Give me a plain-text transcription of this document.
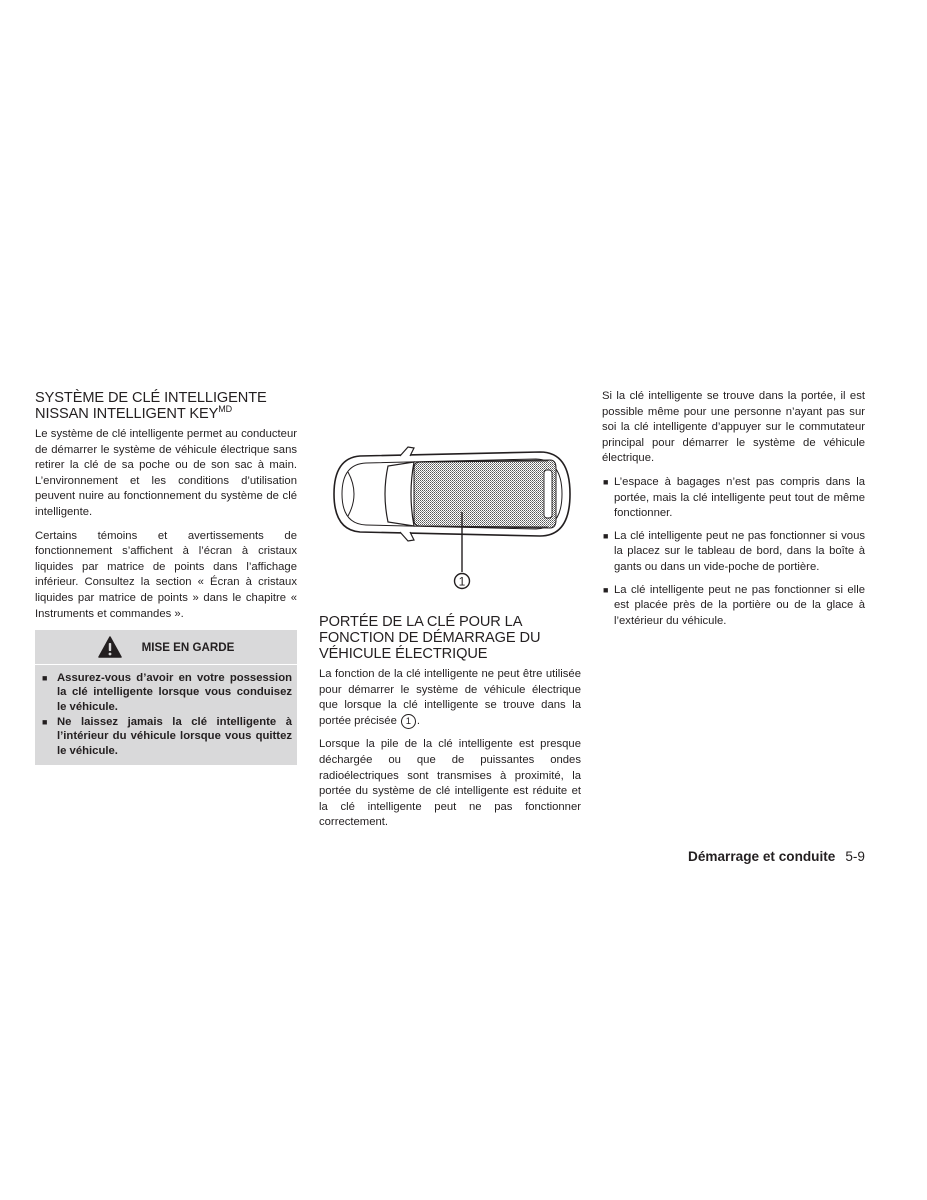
SYSTÈME DE CLÉ INTELLIGENTE
NISSAN INTELLIGENT $KEY^{MD}$

Le système de clé intelligente permet au conducteur de démarrer le système de véhicule électrique sans retirer la clé de sa poche ou de son sac à main. L’environnement et les conditions d’utilisation peuvent nuire au fonctionnement du système de clé intelligente.

Certains témoins et avertissements de fonctionnement s’affichent à l’écran à cristaux liquides par matrice de points dans l’affichage inférieur. Consultez la section « Écran à cristaux liquides par matrice de points » dans le chapitre « Instruments et commandes ».

MISE EN GARDE
■ Assurez-vous d’avoir en votre possession la clé intelligente lorsque vous conduisez le véhicule.
■ Ne laissez jamais la clé intelligente à l’intérieur du véhicule lorsque vous quittez le véhicule.
1
PORTÉE DE LA CLÉ POUR LA
FONCTION DE DÉMARRAGE DU
VÉHICULE ÉLECTRIQUE

La fonction de la clé intelligente ne peut être utilisée pour démarrer le système de véhicule électrique que lorsque la clé intelligente se trouve dans la portée précisée 1 .

Lorsque la pile de la clé intelligente est presque déchargée ou que de puissantes ondes radioélectriques sont transmises à proximité, la portée du système de clé intelligente est réduite et la clé intelligente peut ne pas fonctionner correctement.

Si la clé intelligente se trouve dans la portée, il est possible même pour une personne n’ayant pas sur soi la clé intelligente d’appuyer sur le commutateur principal pour démarrer le système de véhicule électrique.

■ L’espace à bagages n’est pas compris dans la portée, mais la clé intelligente peut tout de même fonctionner.
■ La clé intelligente peut ne pas fonctionner si vous la placez sur le tableau de bord, dans la boîte à gants ou dans un vide-poche de portière.
■ La clé intelligente peut ne pas fonctionner si elle est placée près de la portière ou de la glace à l’extérieur du véhicule.
Démarrage et conduite 5-9
